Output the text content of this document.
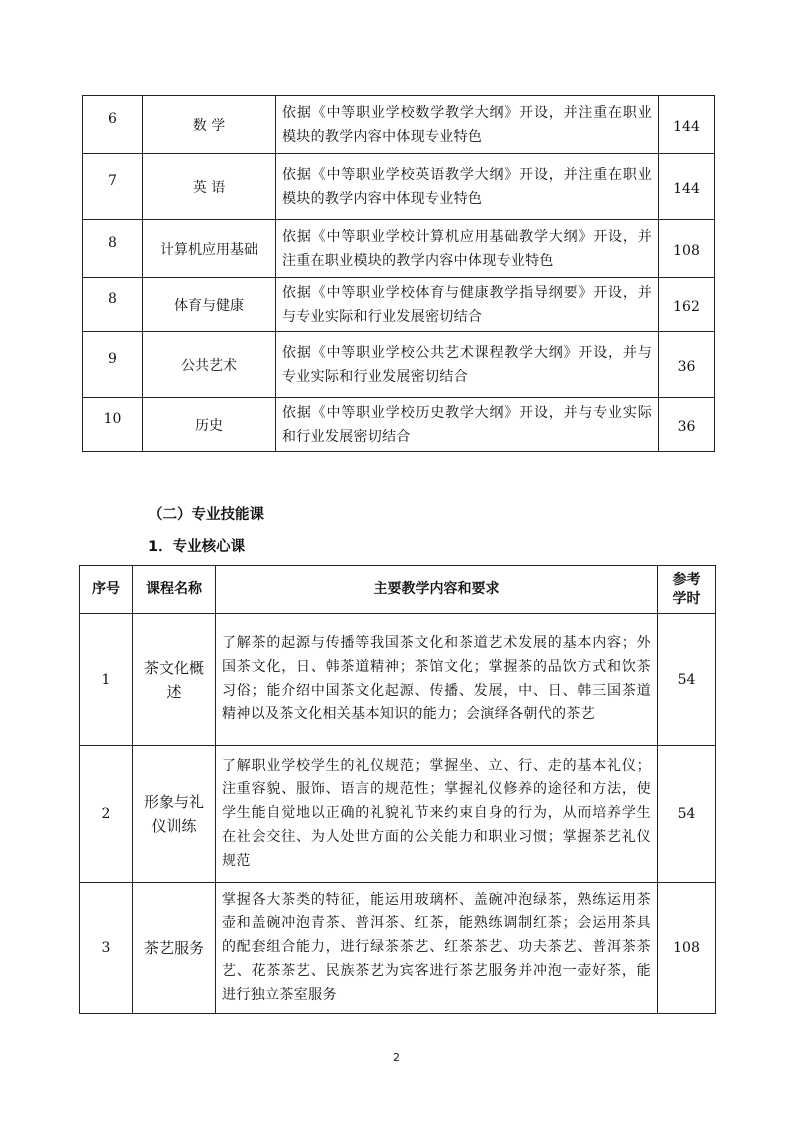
6	数 学	依据《中等职业学校数学教学大纲》开设，并注重在职业模块的教学内容中体现专业特色	144
7	英 语	依据《中等职业学校英语教学大纲》开设，并注重在职业模块的教学内容中体现专业特色	144
8	计算机应用基础	依据《中等职业学校计算机应用基础教学大纲》开设，并注重在职业模块的教学内容中体现专业特色	108
8	体育与健康	依据《中等职业学校体育与健康教学指导纲要》开设，并与专业实际和行业发展密切结合	162
9	公共艺术	依据《中等职业学校公共艺术课程教学大纲》开设，并与专业实际和行业发展密切结合	36
10	历史	依据《中等职业学校历史教学大纲》开设，并与专业实际和行业发展密切结合	36
（二）专业技能课
1．专业核心课
序号	课程名称	主要教学内容和要求	参考
学时
1	茶文化概述	了解茶的起源与传播等我国茶文化和茶道艺术发展的基本内容；外国茶文化，日、韩茶道精神；茶馆文化；掌握茶的品饮方式和饮茶习俗；能介绍中国茶文化起源、传播、发展，中、日、韩三国茶道精神以及茶文化相关基本知识的能力；会演绎各朝代的茶艺	54
2	形象与礼仪训练	了解职业学校学生的礼仪规范；掌握坐、立、行、走的基本礼仪；注重容貌、服饰、语言的规范性；掌握礼仪修养的途径和方法，使学生能自觉地以正确的礼貌礼节来约束自身的行为，从而培养学生在社会交往、为人处世方面的公关能力和职业习惯；掌握茶艺礼仪规范	54
3	茶艺服务	掌握各大茶类的特征，能运用玻璃杯、盖碗冲泡绿茶，熟练运用茶壶和盖碗冲泡青茶、普洱茶、红茶，能熟练调制红茶；会运用茶具的配套组合能力，进行绿茶茶艺、红茶茶艺、功夫茶艺、普洱茶茶艺、花茶茶艺、民族茶艺为宾客进行茶艺服务并冲泡一壶好茶，能进行独立茶室服务	108
2
